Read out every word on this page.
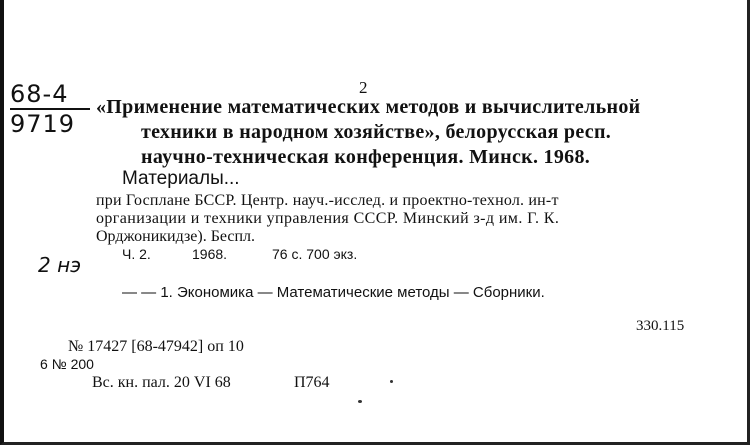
68-4
9719
2
«Применение математических методов и вычислительной
техники в народном хозяйстве», белорусская респ.
научно-техническая конференция. Минск. 1968.
Материалы...
при Госплане БССР. Центр. науч.-исслед. и проектно-технол. ин-т
организации и техники управления СССР. Минский з-д им. Г. К.
Орджоникидзе). Беспл.
2 нэ	Ч. 2.	1968.	76 с. 700 экз.
— — 1. Экономика — Математические методы — Сборники.
330.115
№ 17427 [68-47942] оп 10
6 № 200
Вс. кн. пал. 20 VI 68	П764
